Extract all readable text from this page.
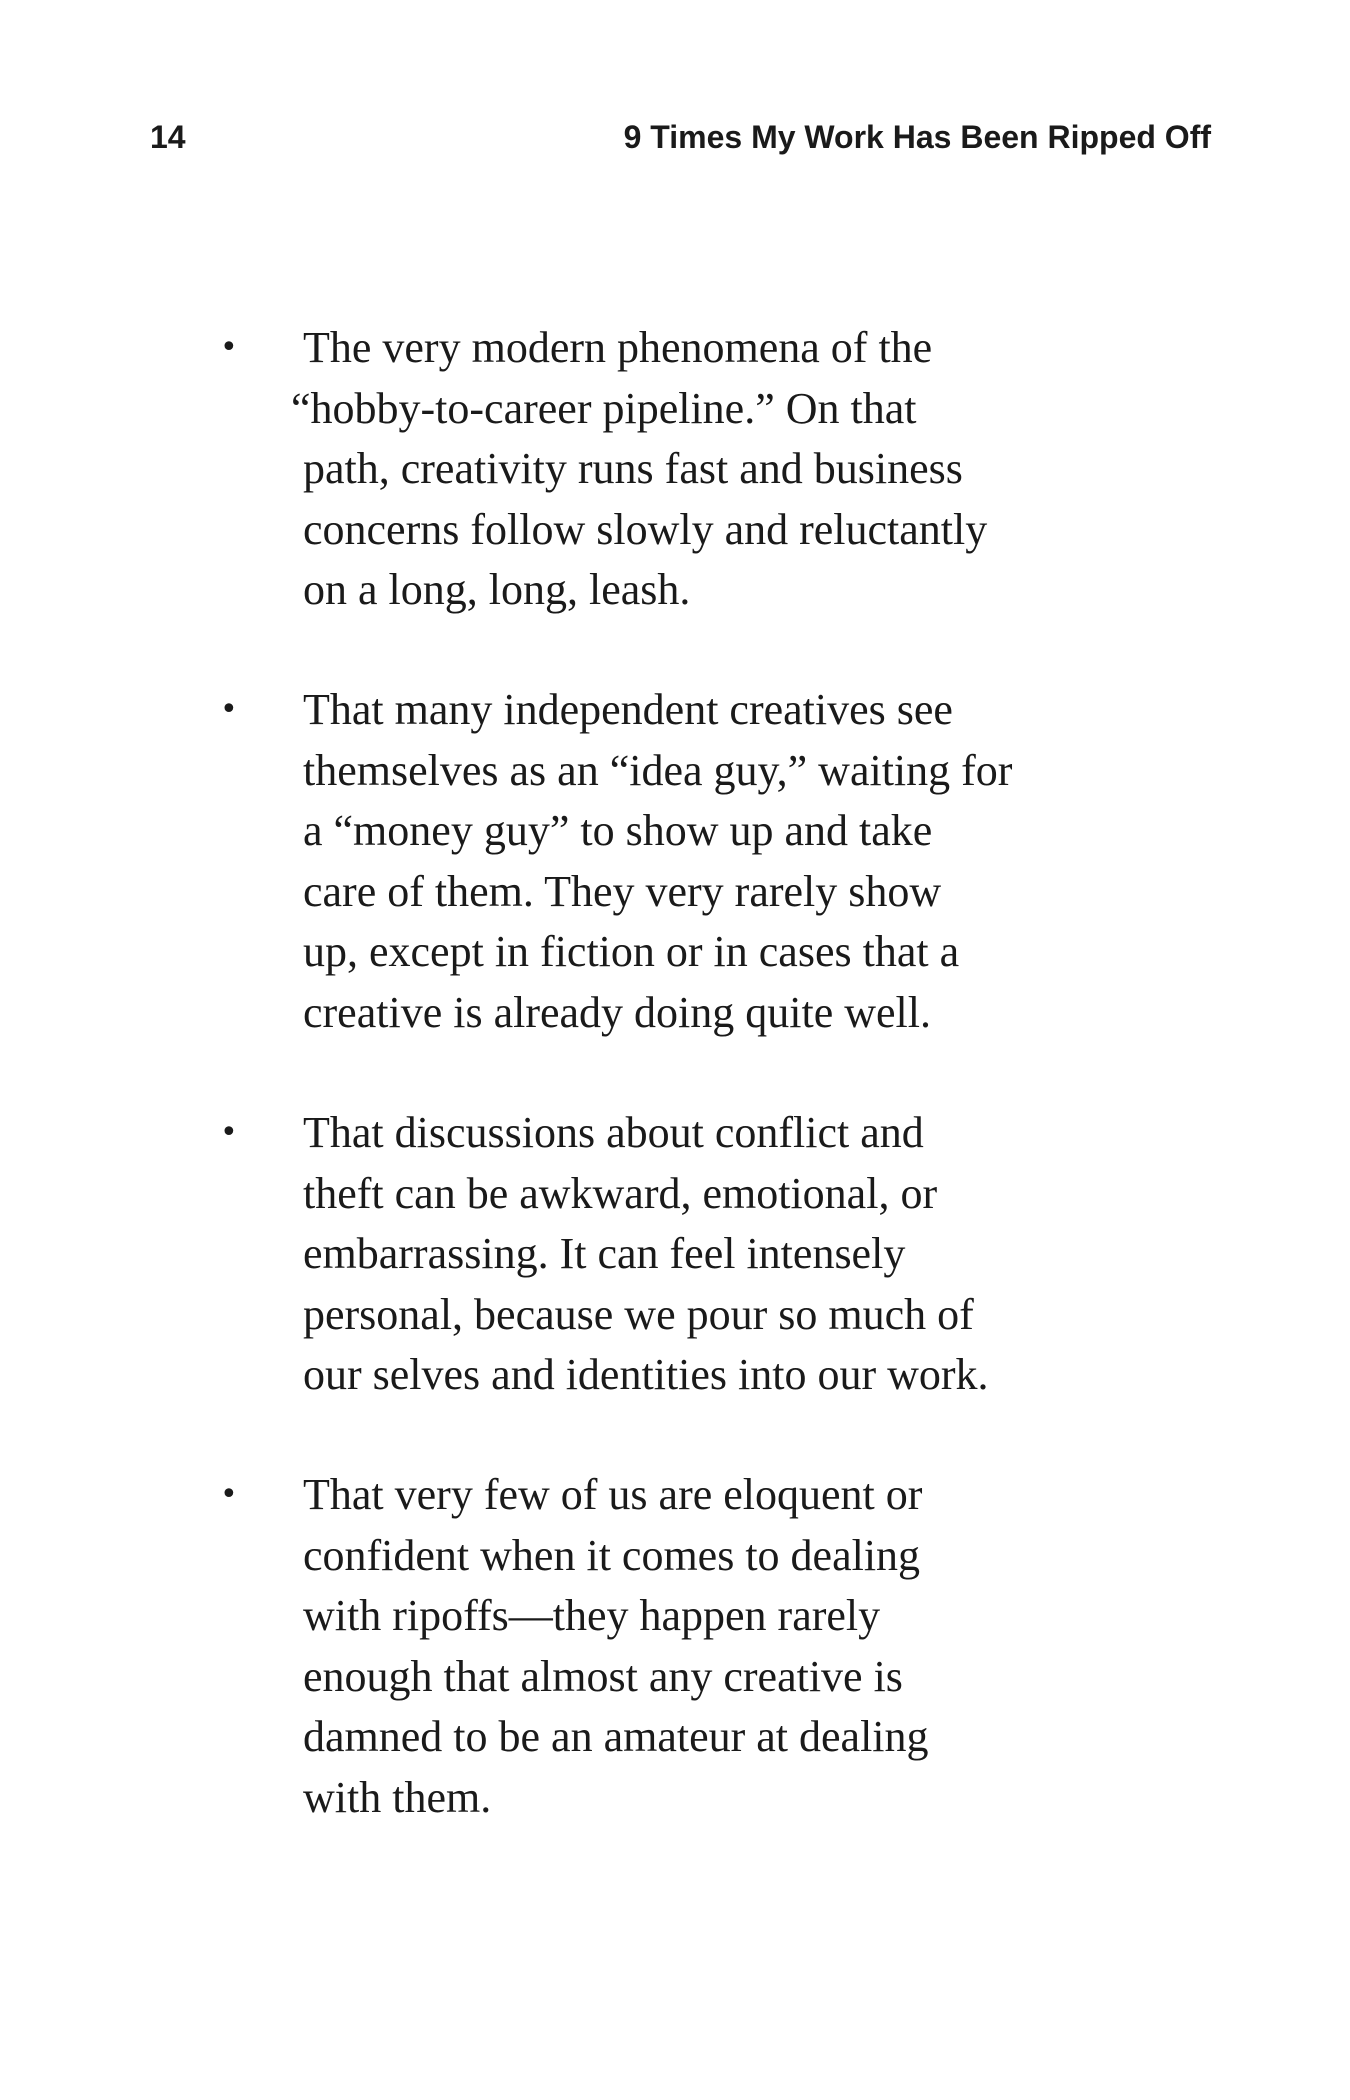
14	9 Times My Work Has Been Ripped Off
• The very modern phenomena of the
“hobby-to-career pipeline.” On that
path, creativity runs fast and business
concerns follow slowly and reluctantly
on a long, long, leash.
• That many independent creatives see
themselves as an “idea guy,” waiting for
a “money guy” to show up and take
care of them. They very rarely show
up, except in fiction or in cases that a
creative is already doing quite well.
• That discussions about conflict and
theft can be awkward, emotional, or
embarrassing. It can feel intensely
personal, because we pour so much of
our selves and identities into our work.
• That very few of us are eloquent or
confident when it comes to dealing
with ripoffs—they happen rarely
enough that almost any creative is
damned to be an amateur at dealing
with them.
